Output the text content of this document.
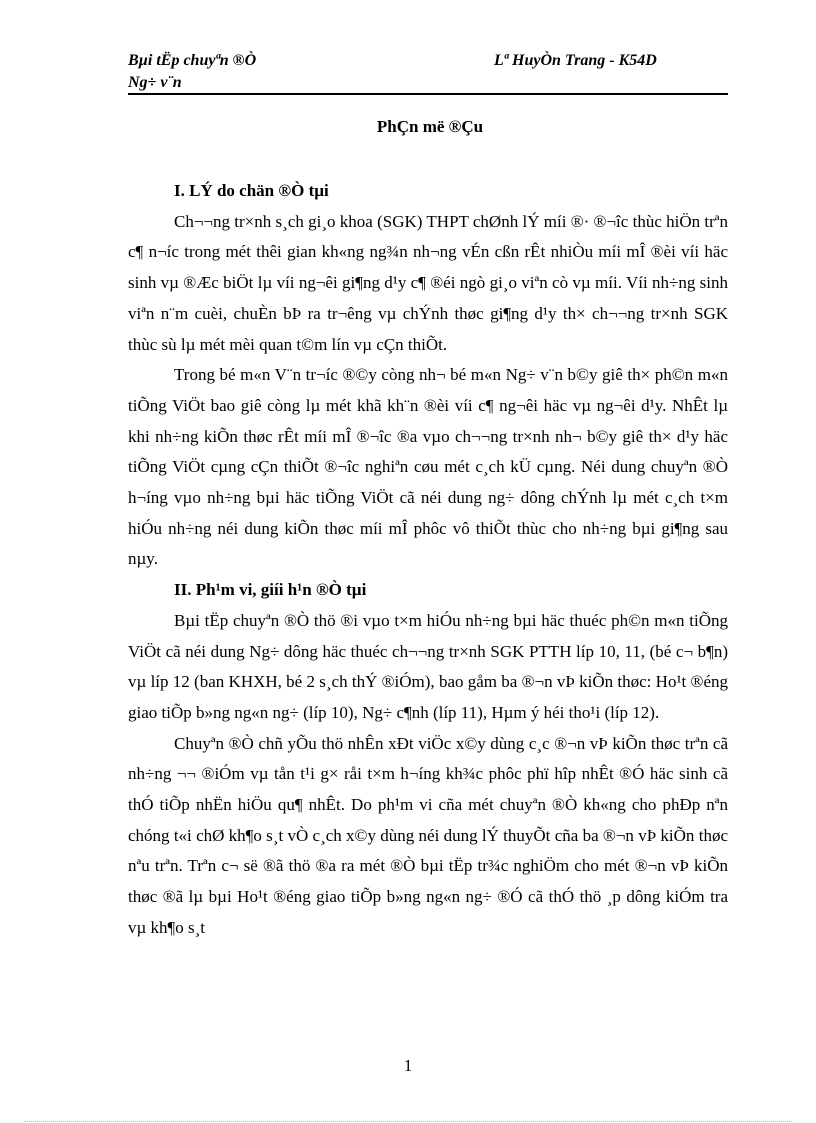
Bµi tËp chuyªn ®Ò
Ng÷ v¨n
Lª HuyÒn Trang - K54D
PhÇn më ®Çu

I. LÝ do chän ®Ò tµi

Ch¬¬ng tr×nh s¸ch gi¸o khoa (SGK) THPT chØnh lÝ míi ®· ®¬îc thùc hiÖn trªn c¶ n¬íc trong mét thêi gian kh«ng ng¾n nh¬ng vÉn cßn rÊt nhiÒu míi mÎ ®èi víi häc sinh vµ ®Æc biÖt lµ víi ng¬êi gi¶ng d¹y c¶ ®éi ngò gi¸o viªn cò vµ míi. Víi nh÷ng sinh viªn n¨m cuèi, chuÈn bÞ ra tr¬êng vµ chÝnh thøc gi¶ng d¹y th× ch¬¬ng tr×nh SGK thùc sù lµ mét mèi quan t©m lín vµ cÇn thiÕt.

Trong bé m«n V¨n tr¬íc ®©y còng nh¬ bé m«n Ng÷ v¨n b©y giê th× ph©n m«n tiÕng ViÖt bao giê còng lµ mét khã kh¨n ®èi víi c¶ ng¬êi häc vµ ng¬êi d¹y. NhÊt lµ khi nh÷ng kiÕn thøc rÊt míi mÎ ®¬îc ®a vµo ch¬¬ng tr×nh nh¬ b©y giê th× d¹y häc tiÕng ViÖt cµng cÇn thiÕt ®¬îc nghiªn cøu mét c¸ch kÜ cµng. Néi dung chuyªn ®Ò h¬íng vµo nh÷ng bµi häc tiÕng ViÖt cã néi dung ng÷ dông chÝnh lµ mét c¸ch t×m hiÓu nh÷ng néi dung kiÕn thøc míi mÎ phôc vô thiÕt thùc cho nh÷ng bµi gi¶ng sau nµy.

II. Ph¹m vi, giíi h¹n ®Ò tµi

Bµi tËp chuyªn ®Ò thö ®i vµo t×m hiÓu nh÷ng bµi häc thuéc ph©n m«n tiÕng ViÖt cã néi dung Ng÷ dông häc thuéc ch¬¬ng tr×nh SGK PTTH líp 10, 11, (bé c¬ b¶n) vµ líp 12 (ban KHXH, bé 2 s¸ch thÝ ®iÓm), bao gåm ba ®¬n vÞ kiÕn thøc: Ho¹t ®éng giao tiÕp b»ng ng«n ng÷ (líp 10), Ng÷ c¶nh (líp 11), Hµm ý héi tho¹i (líp 12).

Chuyªn ®Ò chñ yÕu thö nhÊn xÐt viÖc x©y dùng c¸c ®¬n vÞ kiÕn thøc trªn cã nh÷ng ¬¬ ®iÓm vµ tån t¹i g× råi t×m h¬íng kh¾c phôc phï hîp nhÊt ®Ó häc sinh cã thÓ tiÕp nhËn hiÖu qu¶ nhÊt. Do ph¹m vi cña mét chuyªn ®Ò kh«ng cho phÐp nªn chóng t«i chØ kh¶o s¸t vÒ c¸ch x©y dùng néi dung lÝ thuyÕt cña ba ®¬n vÞ kiÕn thøc nªu trªn. Trªn c¬ së ®ã thö ®a ra mét ®Ò bµi tËp tr¾c nghiÖm cho mét ®¬n vÞ kiÕn thøc ®ã lµ bµi Ho¹t ®éng giao tiÕp b»ng ng«n ng÷ ®Ó cã thÓ thö ¸p dông kiÓm tra vµ kh¶o s¸t

1
